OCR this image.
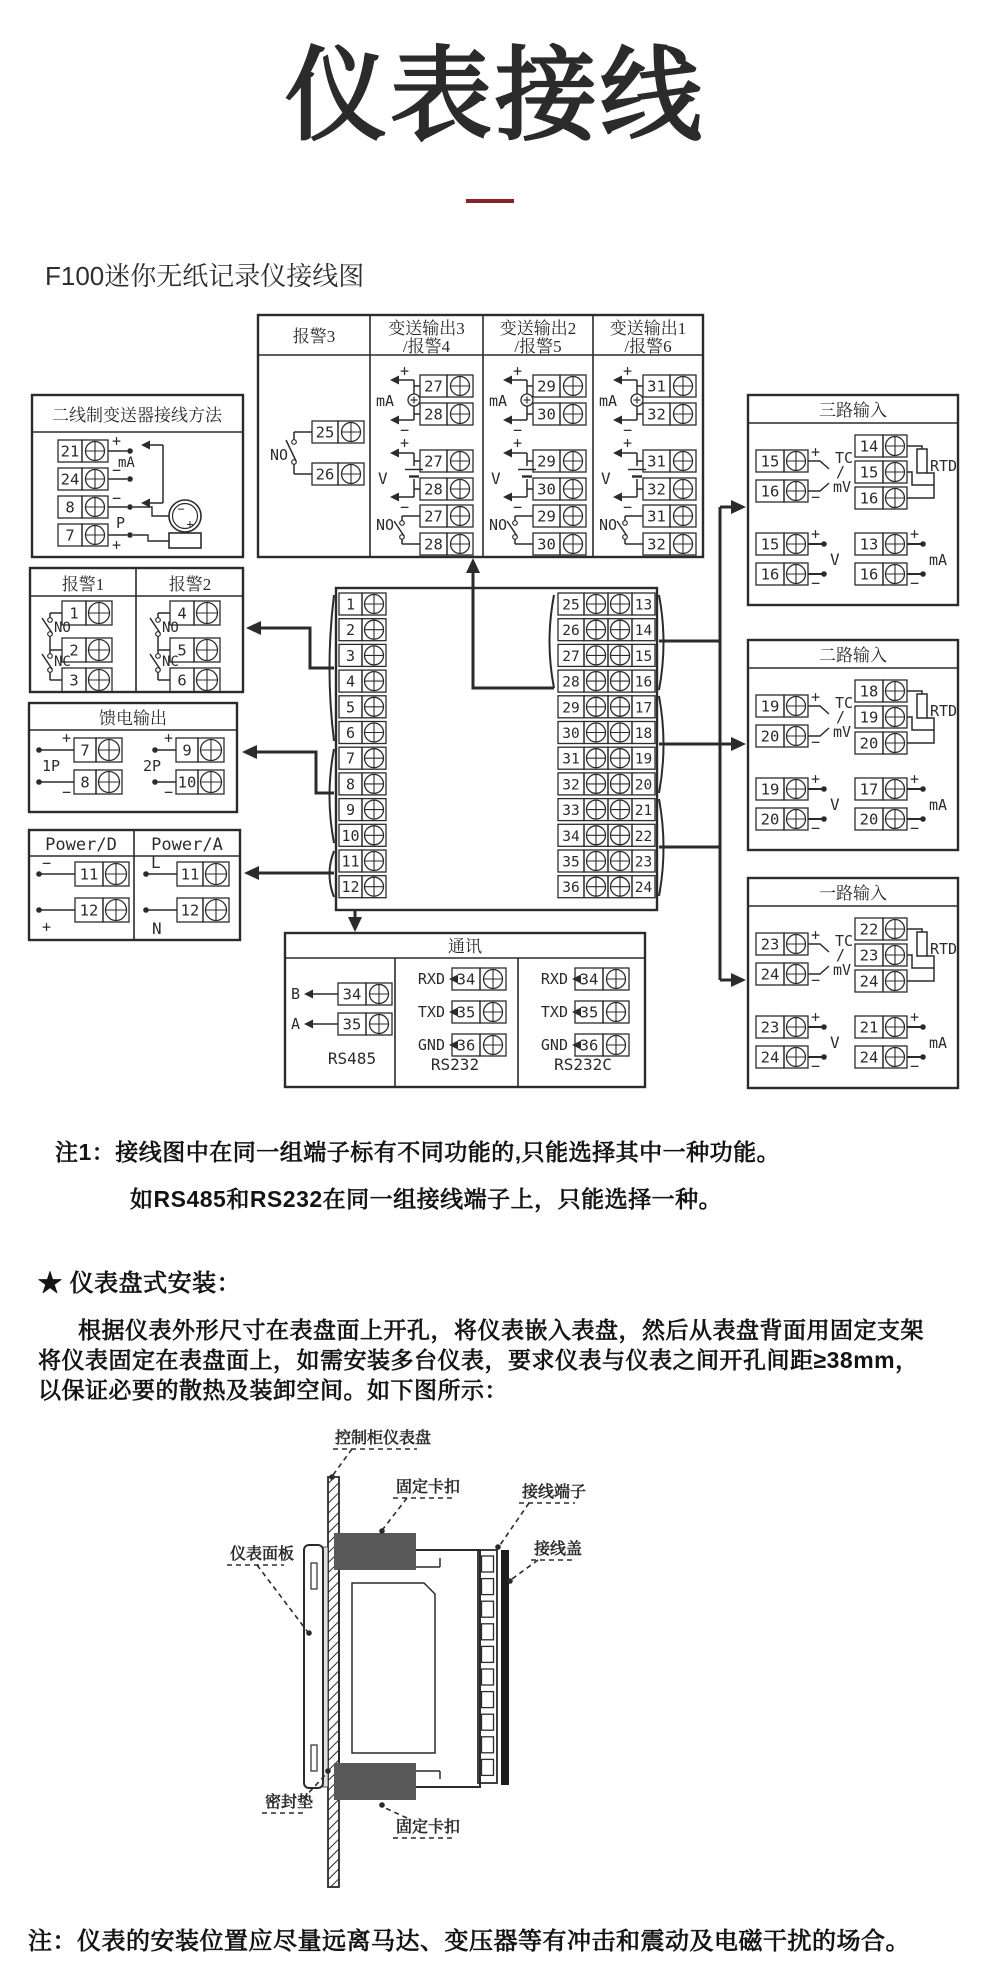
仪表接线
F100迷你无纸记录仪接线图
报警3	变送输出3
/报警4
变送输出2
/报警5
变送输出1
/报警6
25
26
NO
27
28
+
−
mA
27
28
+
−
V
27
28
NO
29
30
+
−
mA
29
30
+
−
V
29
30
NO
31
32
+
−
mA
31
32
+
−
V
31
32
NO
二线制变送器接线方法
21
24
8
7
+
mA
−
−
P
+
−
+
报警1	报警2
1
2
3
NO
NC
4
5
6
NO
NC
馈电输出
7
8
+
−
1P
9
10
+
−
2P
Power/D Power/A
11
12
−
+
11
12
L
N
1
2
3
4
5
6
7
8
9
10
11
12
25	13
26	14
27	15
28	16
29	17
30	18
31	19
32	20
33	21
34	22
35	23
36	24
三路输入
15
16
+
−
TC
/
mV
14
15
16
RTD
15
16
+
−
V
13
16
+
−
mA
二路输入
19
20
+
−
TC
/
mV
18
19
20
RTD
19
20
+
−
V
17
20
+
−
mA
一路输入
23
24
+
−
TC
/
mV
22
23
24
RTD
23
24
+
−
V
21
24
+
−
mA
通讯
B	34
A	35
RS485
RXD 34
TXD 35
GND 36
RS232
RXD 34
TXD 35
GND 36
RS232C
注1：接线图中在同一组端子标有不同功能的,只能选择其中一种功能。
如RS485和RS232在同一组接线端子上，只能选择一种。
★ 仪表盘式安装：
根据仪表外形尺寸在表盘面上开孔，将仪表嵌入表盘，然后从表盘背面用固定支架
将仪表固定在表盘面上，如需安装多台仪表，要求仪表与仪表之间开孔间距≥38mm，
以保证必要的散热及装卸空间。如下图所示：
控制柜仪表盘
固定卡扣	接线端子
接线盖
仪表面板
密封垫
固定卡扣
注：仪表的安装位置应尽量远离马达、变压器等有冲击和震动及电磁干扰的场合。
